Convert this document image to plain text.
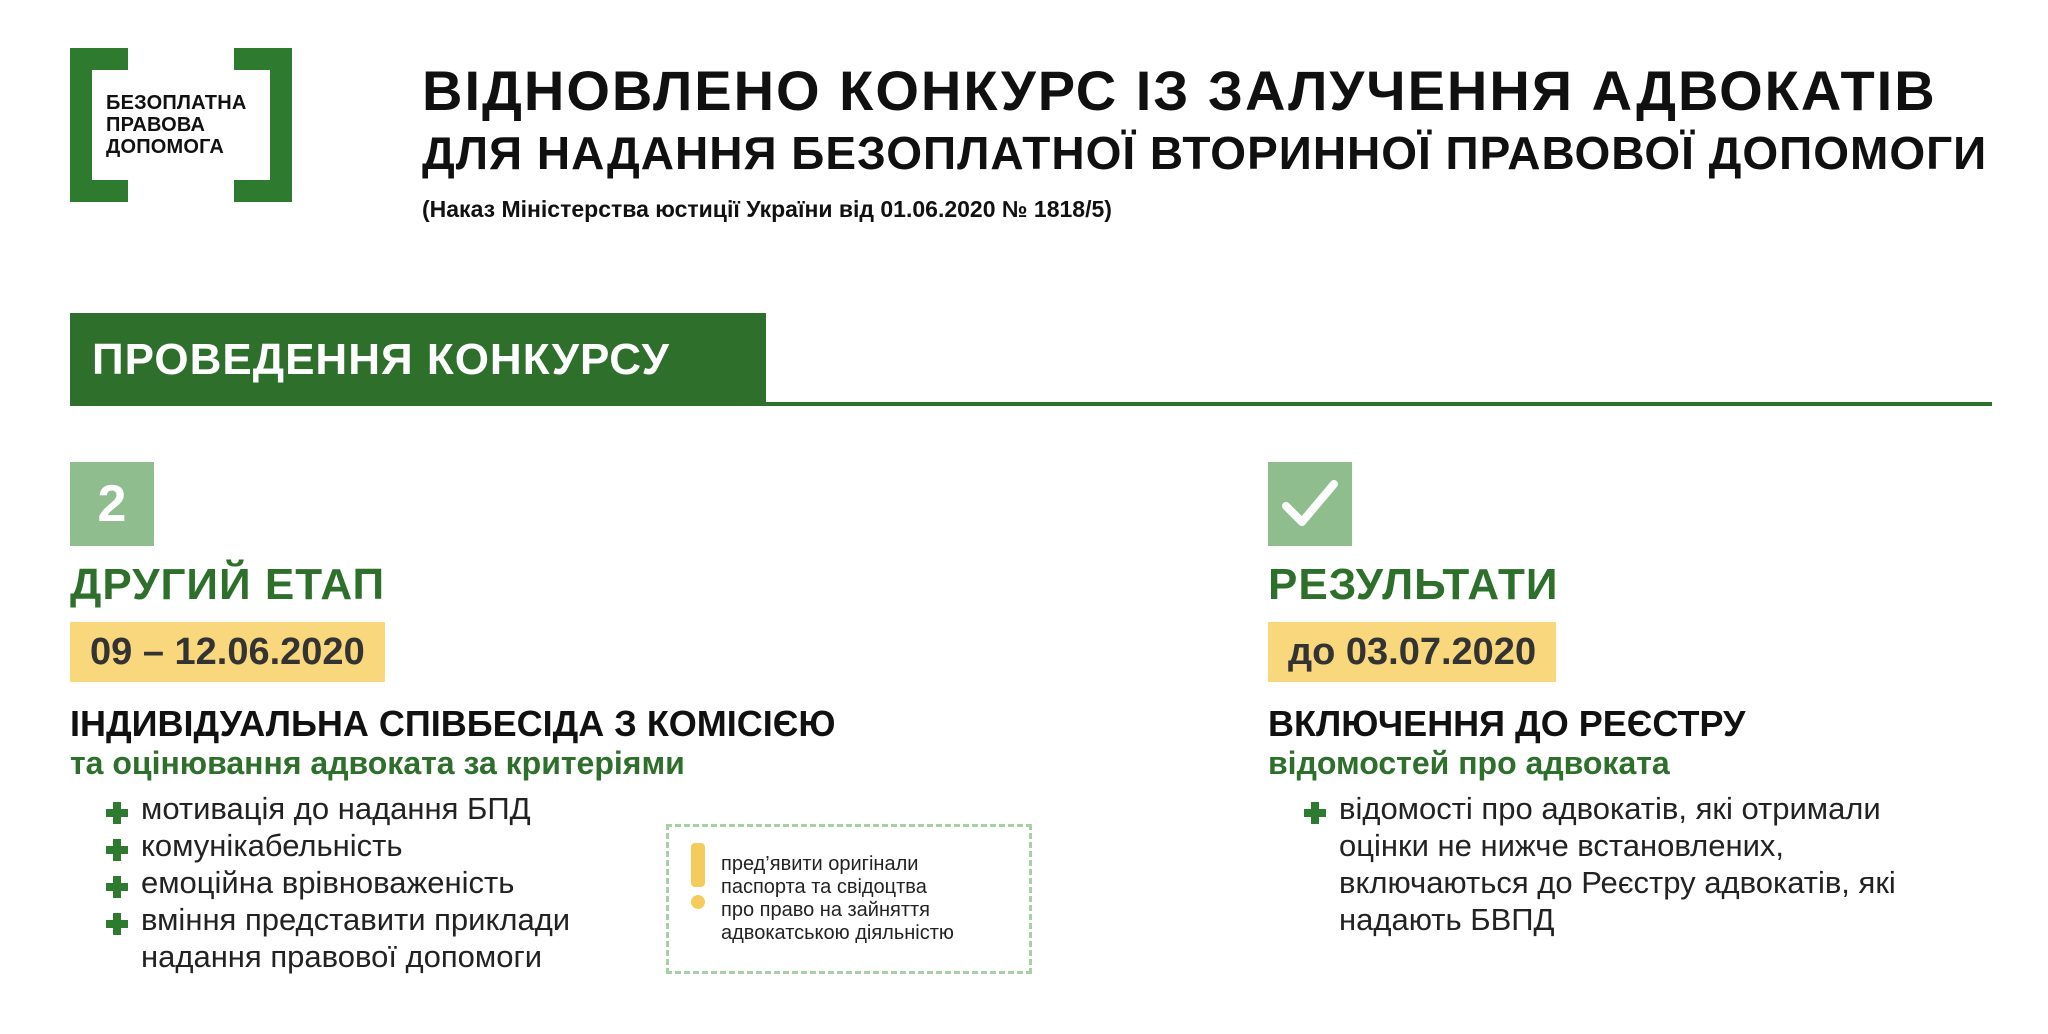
БЕЗОПЛАТНА
ПРАВОВА
ДОПОМОГА
ВІДНОВЛЕНО КОНКУРС ІЗ ЗАЛУЧЕННЯ АДВОКАТІВ
ДЛЯ НАДАННЯ БЕЗОПЛАТНОЇ ВТОРИННОЇ ПРАВОВОЇ ДОПОМОГИ
(Наказ Міністерства юстиції України від 01.06.2020 № 1818/5)
ПРОВЕДЕННЯ КОНКУРСУ
2
ДРУГИЙ ЕТАП
09 – 12.06.2020
ІНДИВІДУАЛЬНА СПІВБЕСІДА З КОМІСІЄЮ
та оцінювання адвоката за критеріями
мотивація до надання БПД
комунікабельність
емоційна врівноваженість
вміння представити приклади
надання правової допомоги
пред’явити оригінали
паспорта та свідоцтва
про право на зайняття
адвокатською діяльністю
РЕЗУЛЬТАТИ
до 03.07.2020
ВКЛЮЧЕННЯ ДО РЕЄСТРУ
відомостей про адвоката
відомості про адвокатів, які отримали
оцінки не нижче встановлених,
включаються до Реєстру адвокатів, які
надають БВПД
